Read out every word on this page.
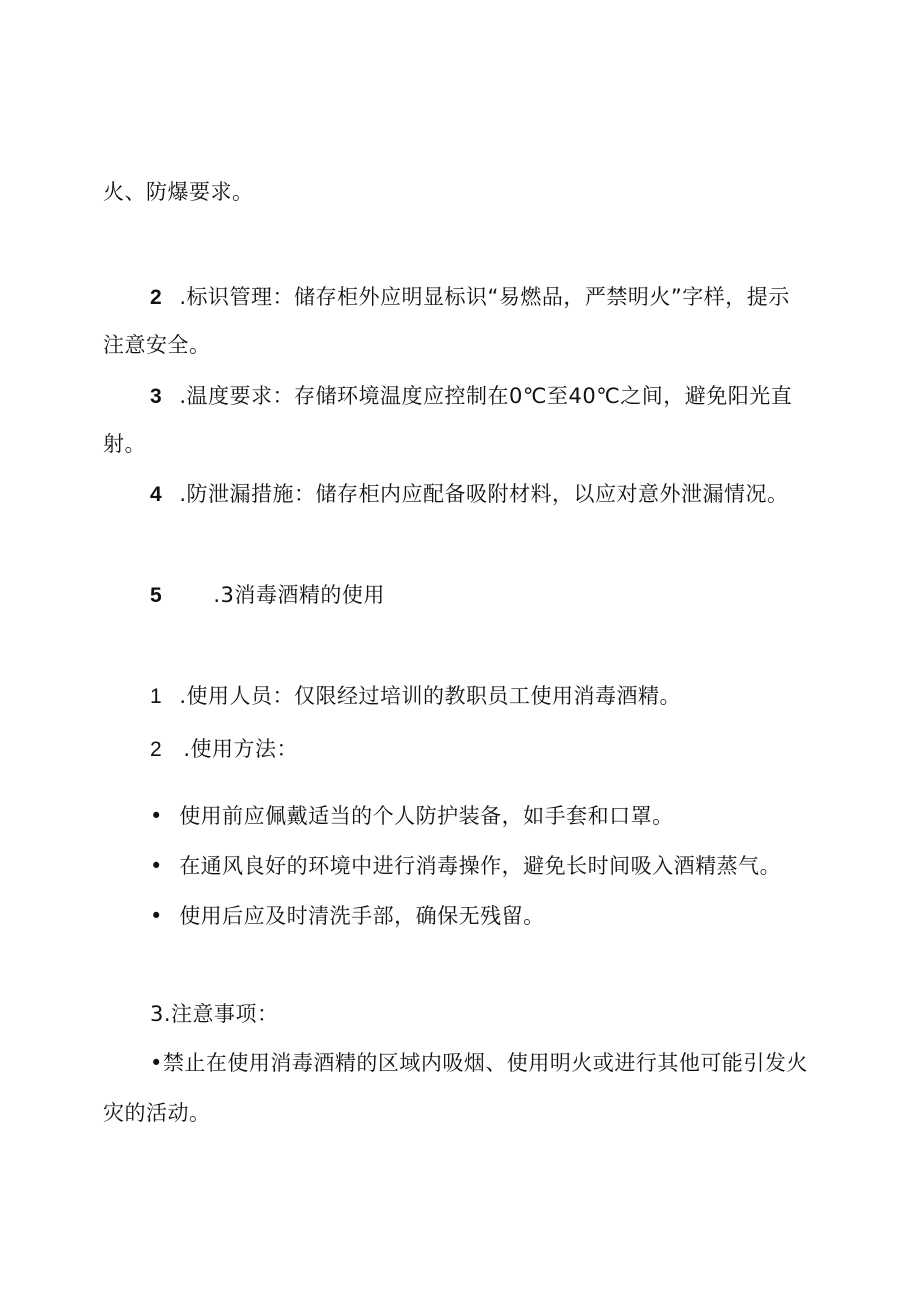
火、防爆要求。
2 .标识管理：储存柜外应明显标识“易燃品，严禁明火”字样，提示
注意安全。
3 .温度要求：存储环境温度应控制在0℃至40℃之间，避免阳光直
射。
4 .防泄漏措施：储存柜内应配备吸附材料，以应对意外泄漏情况。
5 .3消毒酒精的使用
1 .使用人员：仅限经过培训的教职员工使用消毒酒精。
2 .使用方法：
• 使用前应佩戴适当的个人防护装备，如手套和口罩。
• 在通风良好的环境中进行消毒操作，避免长时间吸入酒精蒸气。
• 使用后应及时清洗手部，确保无残留。
3.注意事项：
•禁止在使用消毒酒精的区域内吸烟、使用明火或进行其他可能引发火
灾的活动。
